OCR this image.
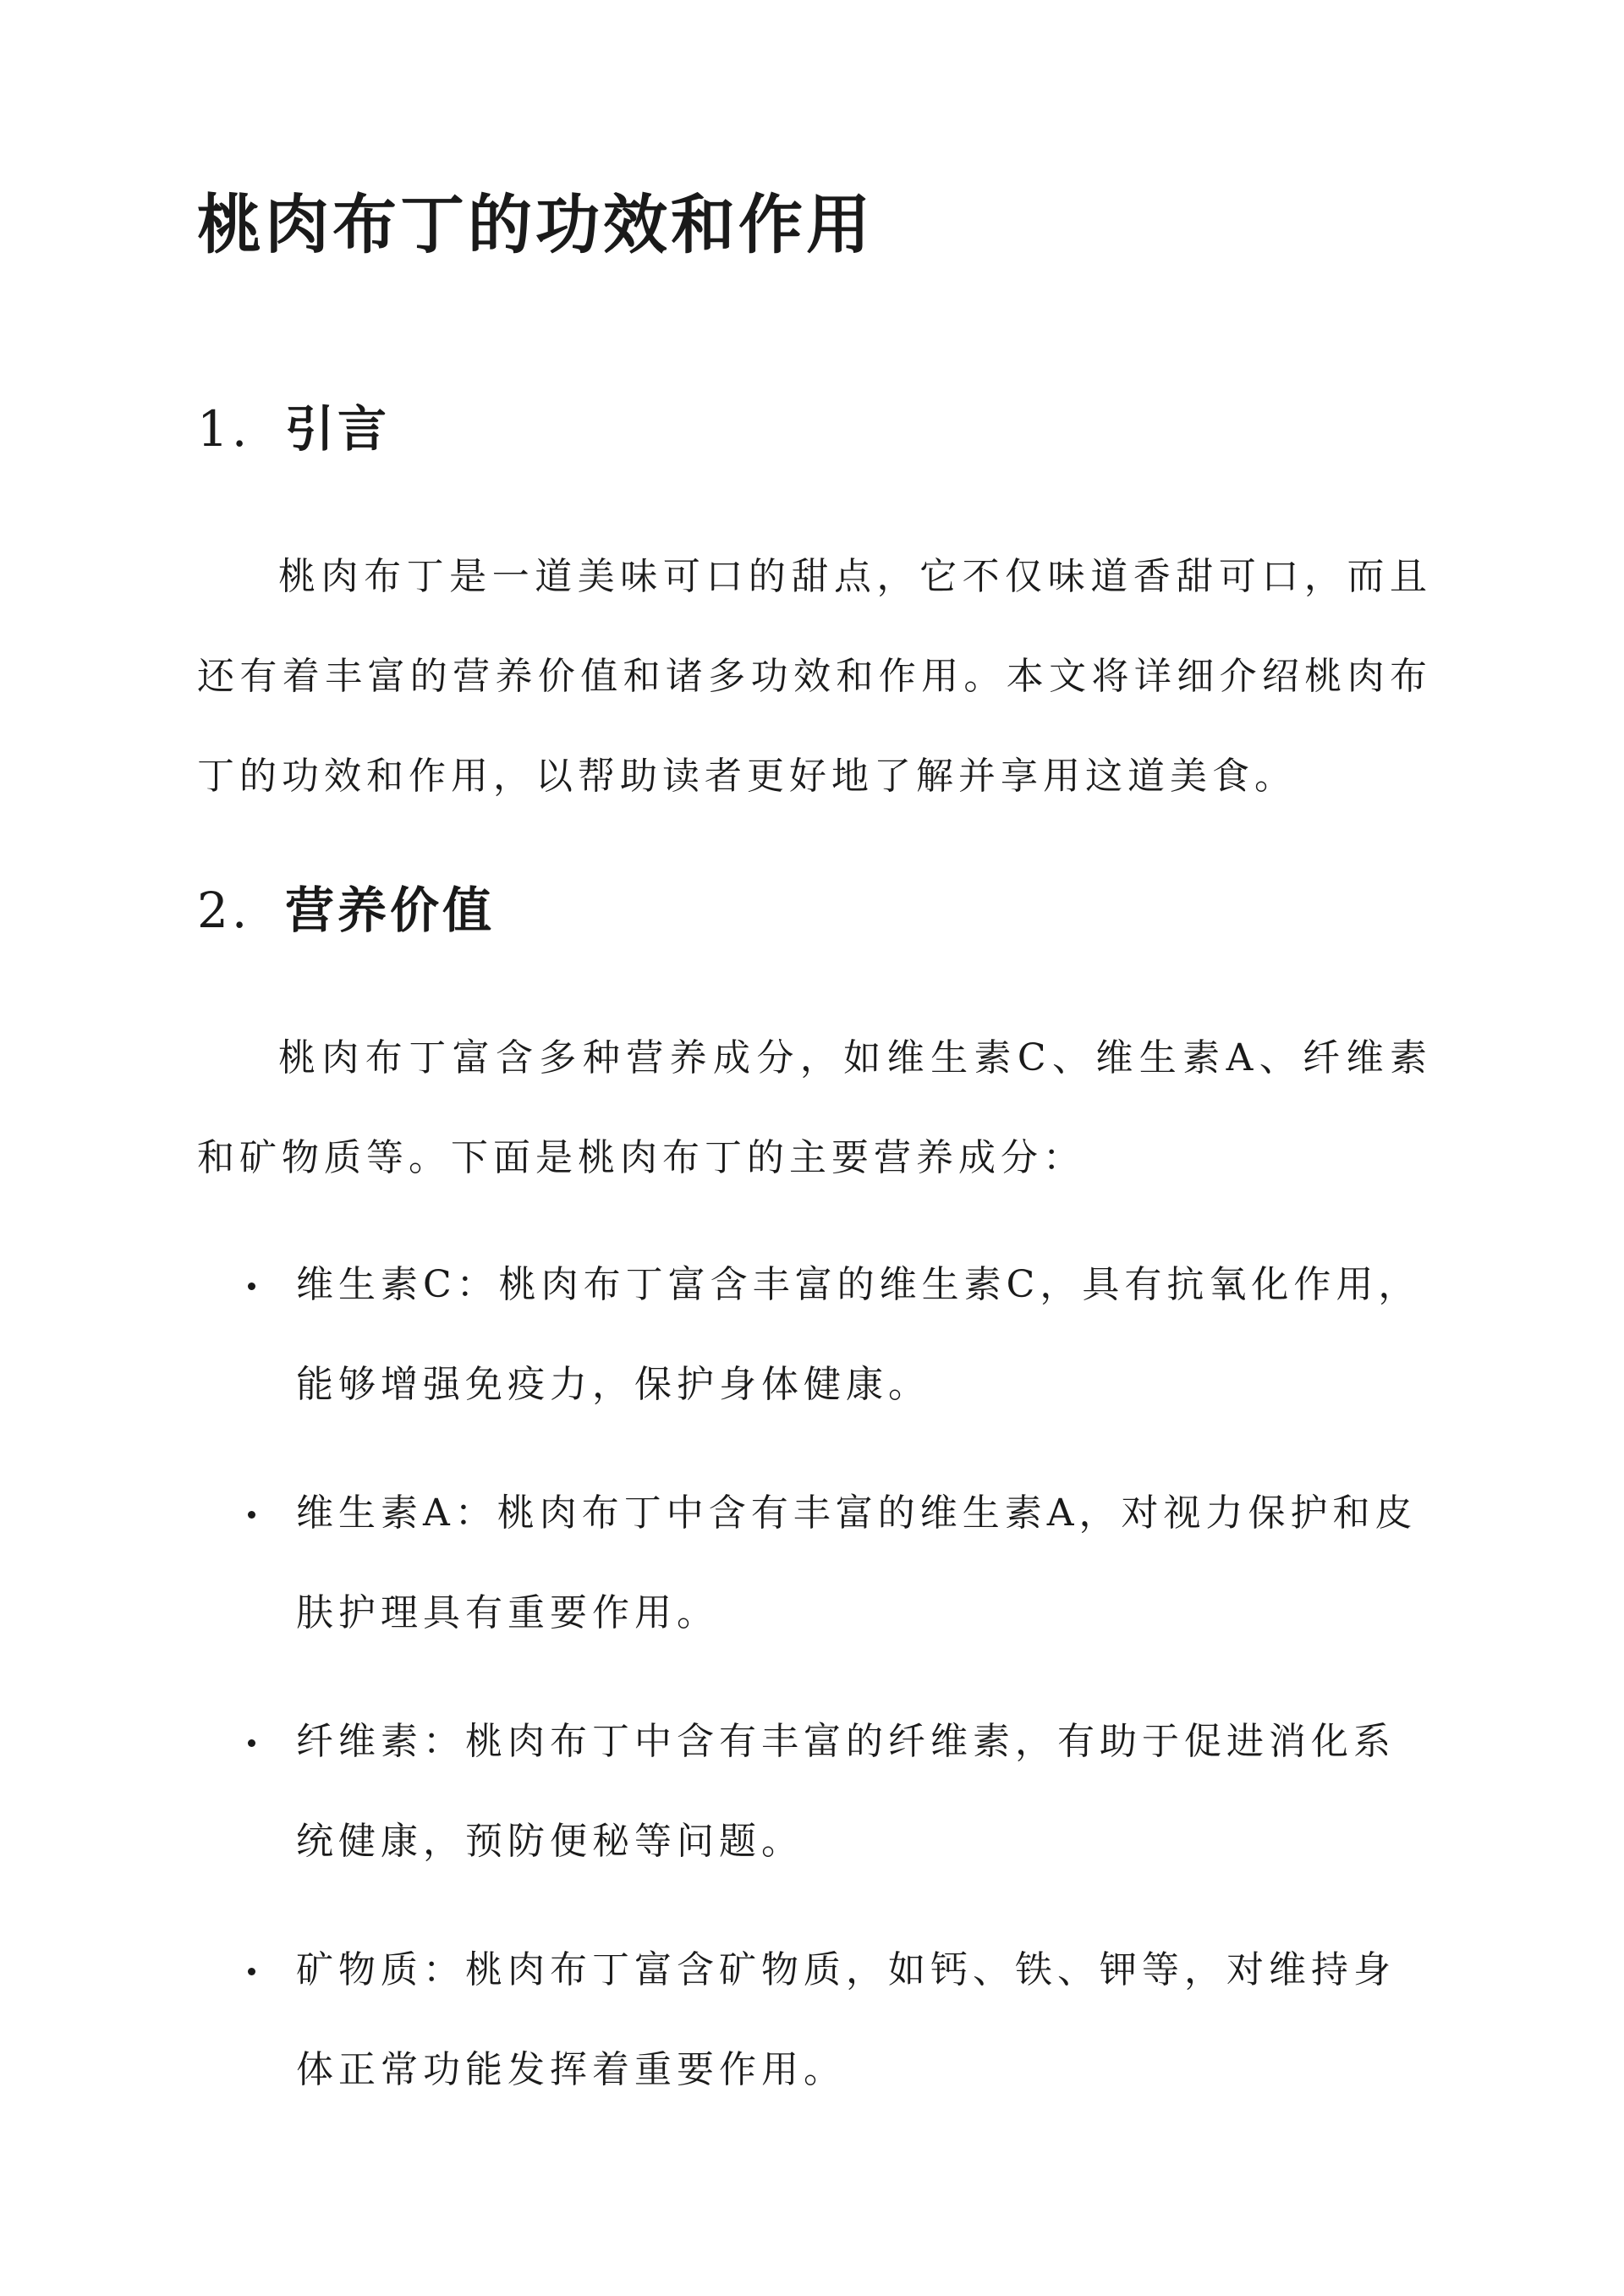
桃肉布丁的功效和作用
1. 引言

桃肉布丁是一道美味可口的甜点，它不仅味道香甜可口，而且还有着丰富的营养价值和诸多功效和作用。本文将详细介绍桃肉布丁的功效和作用，以帮助读者更好地了解并享用这道美食。

2. 营养价值

桃肉布丁富含多种营养成分，如维生素C、维生素A、纤维素和矿物质等。下面是桃肉布丁的主要营养成分：

维生素C：桃肉布丁富含丰富的维生素C，具有抗氧化作用，能够增强免疫力，保护身体健康。
维生素A：桃肉布丁中含有丰富的维生素A，对视力保护和皮肤护理具有重要作用。
纤维素：桃肉布丁中含有丰富的纤维素，有助于促进消化系统健康，预防便秘等问题。
矿物质：桃肉布丁富含矿物质，如钙、铁、钾等，对维持身体正常功能发挥着重要作用。
